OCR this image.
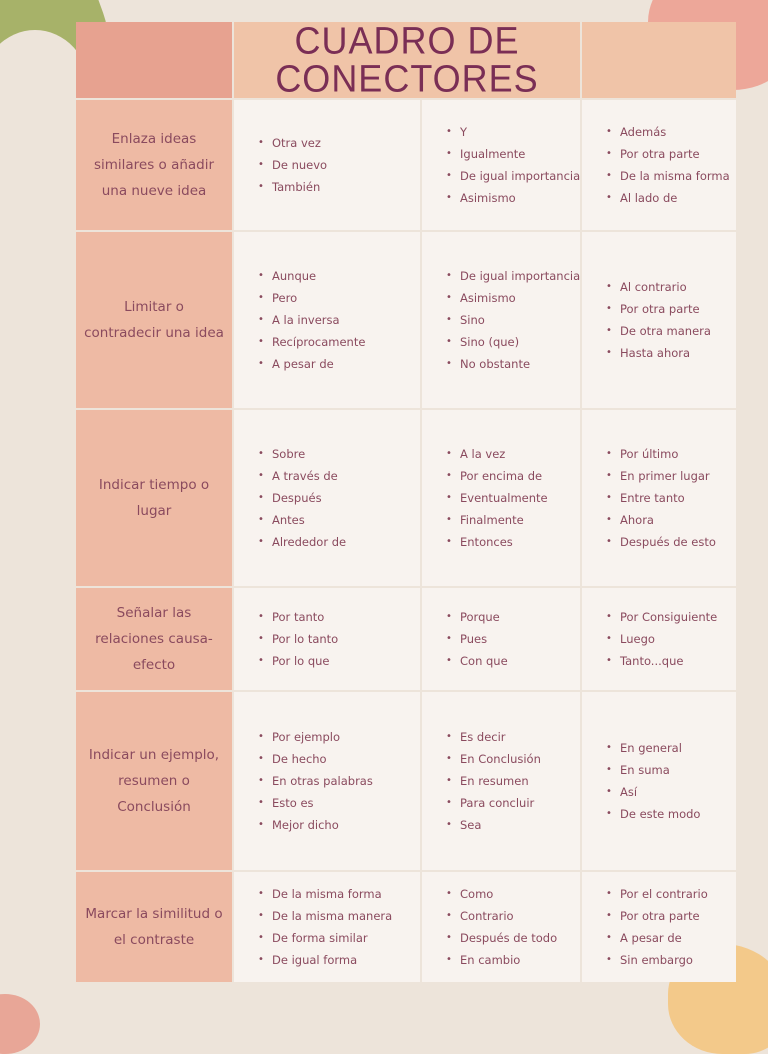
CUADRO DE CONECTORES
Enlaza ideas similares o añadir una nueve idea
• Otra vez
• De nuevo
• También
• Y
• Igualmente
• De igual importancia
• Asimismo
• Además
• Por otra parte
• De la misma forma
• Al lado de
Limitar o contradecir una idea
• Aunque
• Pero
• A la inversa
• Recíprocamente
• A pesar de
• De igual importancia
• Asimismo
• Sino
• Sino (que)
• No obstante
• Al contrario
• Por otra parte
• De otra manera
• Hasta ahora
Indicar tiempo o lugar
• Sobre
• A través de
• Después
• Antes
• Alrededor de
• A la vez
• Por encima de
• Eventualmente
• Finalmente
• Entonces
• Por último
• En primer lugar
• Entre tanto
• Ahora
• Después de esto
Señalar las relaciones causa- efecto
• Por tanto
• Por lo tanto
• Por lo que
• Porque
• Pues
• Con que
• Por Consiguiente
• Luego
• Tanto...que
Indicar un ejemplo, resumen o Conclusión
• Por ejemplo
• De hecho
• En otras palabras
• Esto es
• Mejor dicho
• Es decir
• En Conclusión
• En resumen
• Para concluir
• Sea
• En general
• En suma
• Así
• De este modo
Marcar la similitud o el contraste
• De la misma forma
• De la misma manera
• De forma similar
• De igual forma
• Como
• Contrario
• Después de todo
• En cambio
• Por el contrario
• Por otra parte
• A pesar de
• Sin embargo
